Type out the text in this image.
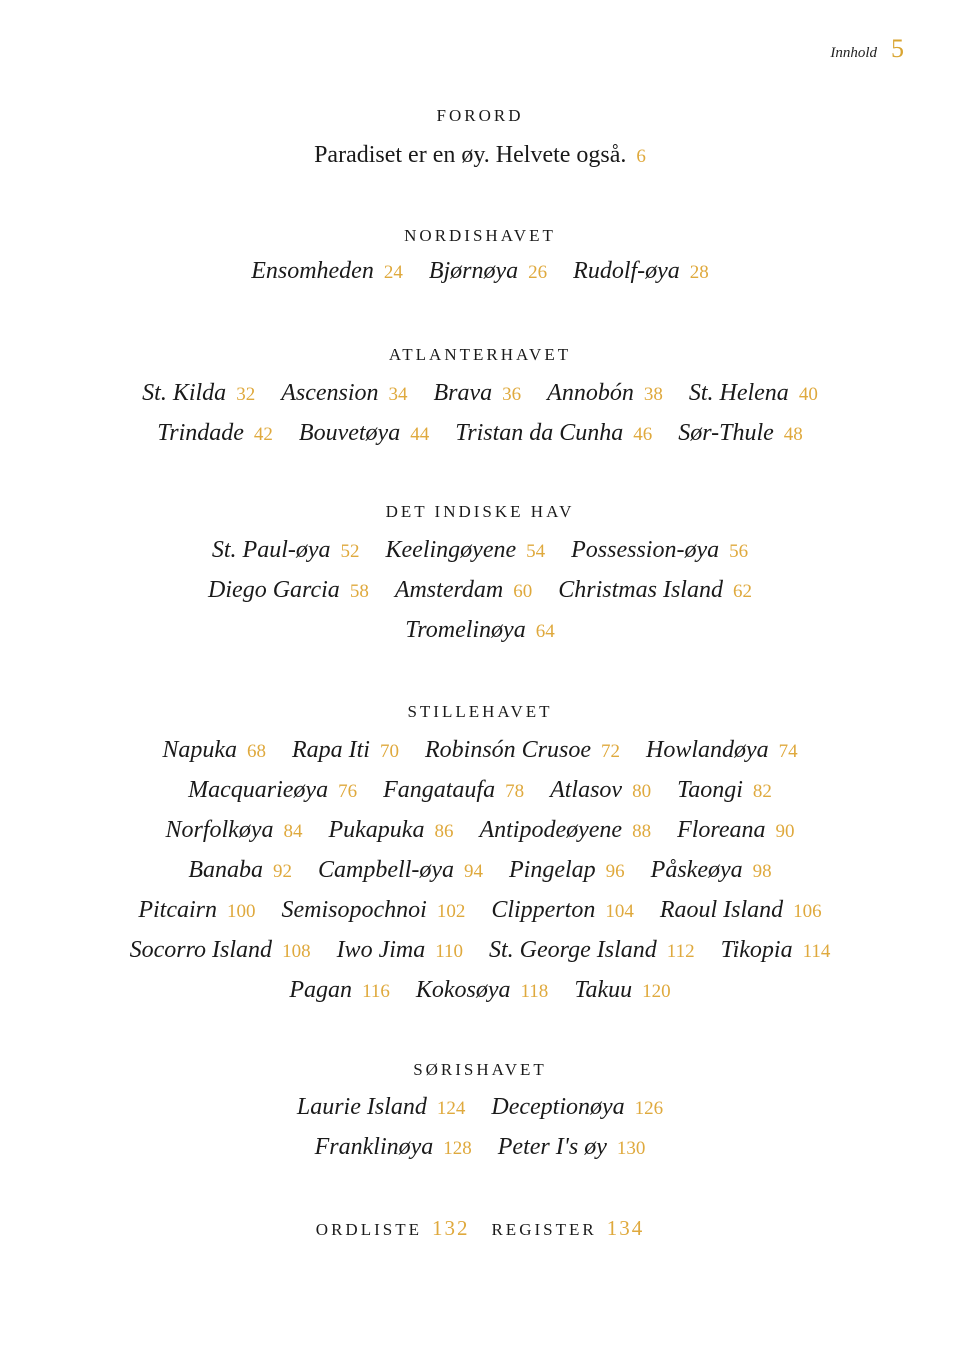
Innhold 5
FORORD
Paradiset er en øy. Helvete også. 6
NORDISHAVET
Ensomheden 24 Bjørnøya 26 Rudolf-øya 28
ATLANTERHAVET
St. Kilda 32 Ascension 34 Brava 36 Annobón 38 St. Helena 40
Trindade 42 Bouvetøya 44 Tristan da Cunha 46 Sør-Thule 48
DET INDISKE HAV
St. Paul-øya 52 Keelingøyene 54 Possession-øya 56
Diego Garcia 58 Amsterdam 60 Christmas Island 62
Tromelinøya 64
STILLEHAVET
Napuka 68 Rapa Iti 70 Robinsón Crusoe 72 Howlandøya 74
Macquarieøya 76 Fangataufa 78 Atlasov 80 Taongi 82
Norfolkøya 84 Pukapuka 86 Antipodeøyene 88 Floreana 90
Banaba 92 Campbell-øya 94 Pingelap 96 Påskeøya 98
Pitcairn 100 Semisopochnoi 102 Clipperton 104 Raoul Island 106
Socorro Island 108 Iwo Jima 110 St. George Island 112 Tikopia 114
Pagan 116 Kokosøya 118 Takuu 120
SØRISHAVET
Laurie Island 124 Deceptionøya 126
Franklinøya 128 Peter I's øy 130
ORDLISTE 132 REGISTER 134
